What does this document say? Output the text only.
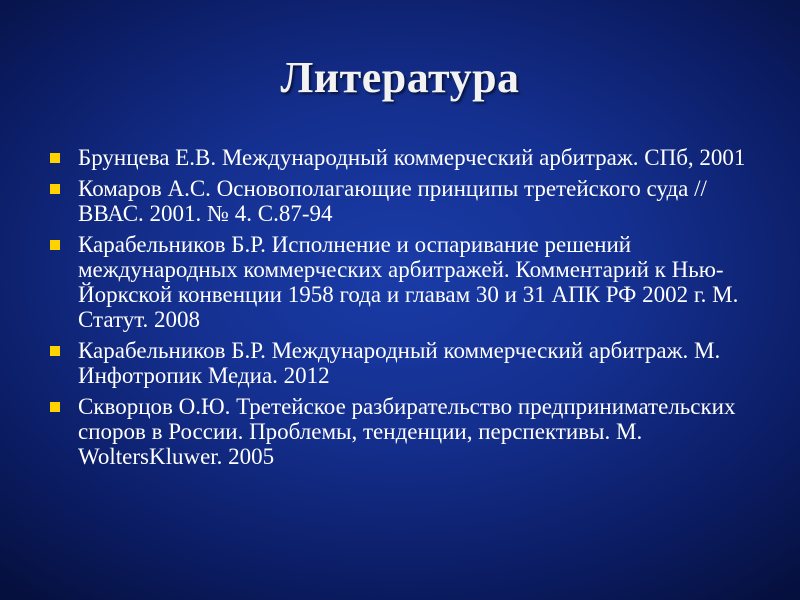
Литература
Брунцева Е.В. Международный коммерческий арбитраж. СПб, 2001
Комаров А.С. Основополагающие принципы третейского суда // ВВАС. 2001. № 4. С.87-94
Карабельников Б.Р. Исполнение и оспаривание решений международных коммерческих арбитражей. Комментарий к Нью-Йоркской конвенции 1958 года и главам 30 и 31 АПК РФ 2002 г. М. Статут. 2008
Карабельников Б.Р. Международный коммерческий арбитраж. М. Инфотропик Медиа. 2012
Скворцов О.Ю. Третейское разбирательство предпринимательских споров в России. Проблемы, тенденции, перспективы. М. WoltersKluwer. 2005
